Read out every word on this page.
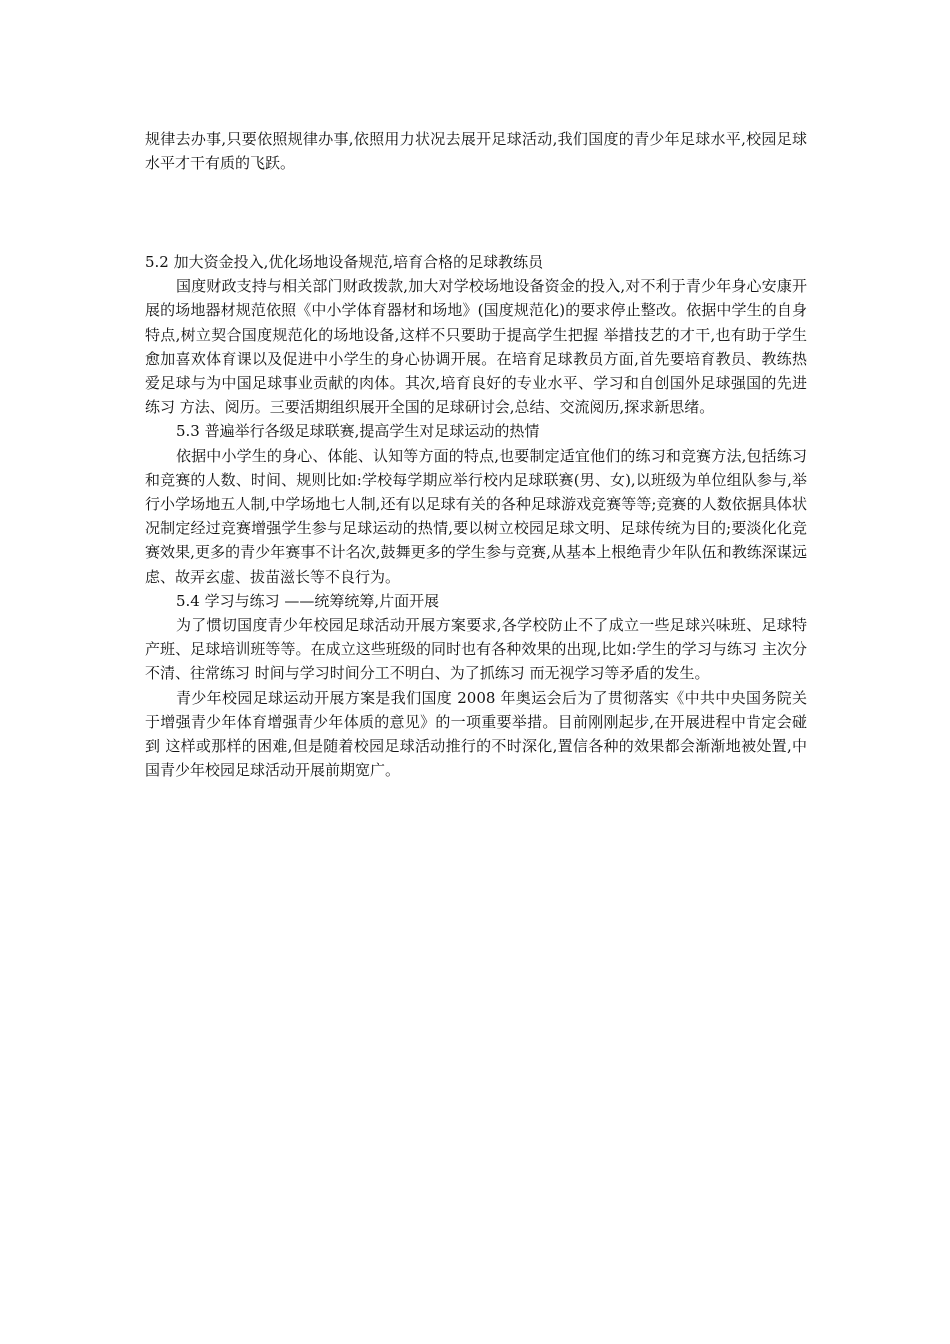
规律去办事,只要依照规律办事,依照用力状况去展开足球活动,我们国度的青少年足球水平,校园足球水平才干有质的飞跃。

5.2 加大资金投入,优化场地设备规范,培育合格的足球教练员

国度财政支持与相关部门财政拨款,加大对学校场地设备资金的投入,对不利于青少年身心安康开展的场地器材规范依照《中小学体育器材和场地》(国度规范化)的要求停止整改。依据中学生的自身特点,树立契合国度规范化的场地设备,这样不只要助于提高学生把握 举措技艺的才干,也有助于学生愈加喜欢体育课以及促进中小学生的身心协调开展。在培育足球教员方面,首先要培育教员、教练热爱足球与为中国足球事业贡献的肉体。其次,培育良好的专业水平、学习和自创国外足球强国的先进练习 方法、阅历。三要活期组织展开全国的足球研讨会,总结、交流阅历,探求新思绪。

5.3 普遍举行各级足球联赛,提高学生对足球运动的热情

依据中小学生的身心、体能、认知等方面的特点,也要制定适宜他们的练习和竞赛方法,包括练习和竞赛的人数、时间、规则比如:学校每学期应举行校内足球联赛(男、女),以班级为单位组队参与,举行小学场地五人制,中学场地七人制,还有以足球有关的各种足球游戏竞赛等等;竞赛的人数依据具体状况制定经过竞赛增强学生参与足球运动的热情,要以树立校园足球文明、足球传统为目的;要淡化化竞赛效果,更多的青少年赛事不计名次,鼓舞更多的学生参与竞赛,从基本上根绝青少年队伍和教练深谋远虑、故弄玄虚、拔苗滋长等不良行为。

5.4 学习与练习 ——统筹统筹,片面开展

为了惯切国度青少年校园足球活动开展方案要求,各学校防止不了成立一些足球兴味班、足球特产班、足球培训班等等。在成立这些班级的同时也有各种效果的出现,比如:学生的学习与练习 主次分不清、往常练习 时间与学习时间分工不明白、为了抓练习 而无视学习等矛盾的发生。

青少年校园足球运动开展方案是我们国度 2008 年奥运会后为了贯彻落实《中共中央国务院关于增强青少年体育增强青少年体质的意见》的一项重要举措。目前刚刚起步,在开展进程中肯定会碰到 这样或那样的困难,但是随着校园足球活动推行的不时深化,置信各种的效果都会渐渐地被处置,中国青少年校园足球活动开展前期宽广。
